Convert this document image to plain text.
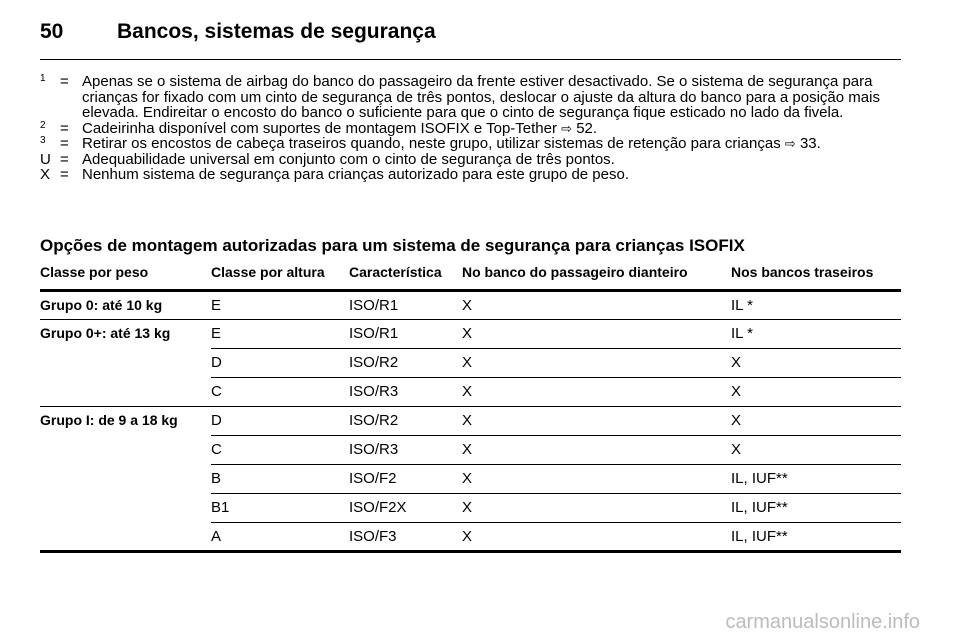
50	Bancos, sistemas de segurança

1 = Apenas se o sistema de airbag do banco do passageiro da frente estiver desactivado. Se o sistema de segurança para crianças for fixado com um cinto de segurança de três pontos, deslocar o ajuste da altura do banco para a posição mais elevada. Endireitar o encosto do banco o suficiente para que o cinto de segurança fique esticado no lado da fivela.

2 = Cadeirinha disponível com suportes de montagem ISOFIX e Top-Tether ⇨ 52.

3 = Retirar os encostos de cabeça traseiros quando, neste grupo, utilizar sistemas de retenção para crianças ⇨ 33.

U = Adequabilidade universal em conjunto com o cinto de segurança de três pontos.

X = Nenhum sistema de segurança para crianças autorizado para este grupo de peso.

Opções de montagem autorizadas para um sistema de segurança para crianças ISOFIX
Classe por peso	Classe por altura	Característica	No banco do passageiro dianteiro	Nos bancos traseiros
Grupo 0: até 10 kg	E	ISO/R1	X	IL *
Grupo 0+: até 13 kg	E	ISO/R1	X	IL *
	D	ISO/R2	X	X
	C	ISO/R3	X	X
Grupo I: de 9 a 18 kg	D	ISO/R2	X	X
	C	ISO/R3	X	X
	B	ISO/F2	X	IL, IUF**
	B1	ISO/F2X	X	IL, IUF**
	A	ISO/F3	X	IL, IUF**
carmanualsonline.info
